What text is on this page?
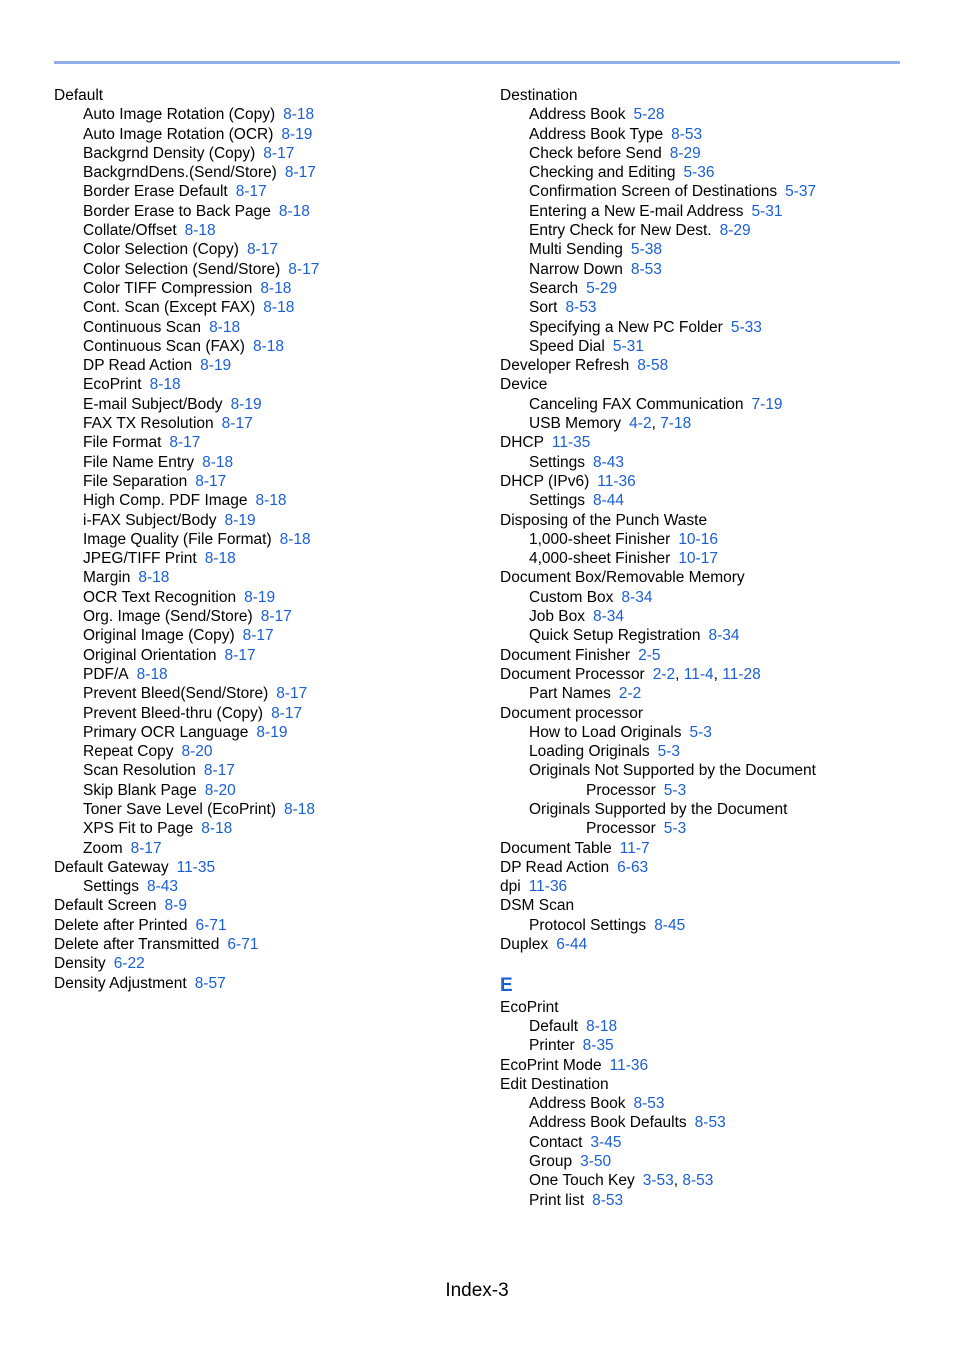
Default
Auto Image Rotation (Copy) 8-18
Auto Image Rotation (OCR) 8-19
Backgrnd Density (Copy) 8-17
BackgrndDens.(Send/Store) 8-17
Border Erase Default 8-17
Border Erase to Back Page 8-18
Collate/Offset 8-18
Color Selection (Copy) 8-17
Color Selection (Send/Store) 8-17
Color TIFF Compression 8-18
Cont. Scan (Except FAX) 8-18
Continuous Scan 8-18
Continuous Scan (FAX) 8-18
DP Read Action 8-19
EcoPrint 8-18
E-mail Subject/Body 8-19
FAX TX Resolution 8-17
File Format 8-17
File Name Entry 8-18
File Separation 8-17
High Comp. PDF Image 8-18
i-FAX Subject/Body 8-19
Image Quality (File Format) 8-18
JPEG/TIFF Print 8-18
Margin 8-18
OCR Text Recognition 8-19
Org. Image (Send/Store) 8-17
Original Image (Copy) 8-17
Original Orientation 8-17
PDF/A 8-18
Prevent Bleed(Send/Store) 8-17
Prevent Bleed-thru (Copy) 8-17
Primary OCR Language 8-19
Repeat Copy 8-20
Scan Resolution 8-17
Skip Blank Page 8-20
Toner Save Level (EcoPrint) 8-18
XPS Fit to Page 8-18
Zoom 8-17
Default Gateway 11-35
Settings 8-43
Default Screen 8-9
Delete after Printed 6-71
Delete after Transmitted 6-71
Density 6-22
Density Adjustment 8-57
Destination
Address Book 5-28
Address Book Type 8-53
Check before Send 8-29
Checking and Editing 5-36
Confirmation Screen of Destinations 5-37
Entering a New E-mail Address 5-31
Entry Check for New Dest. 8-29
Multi Sending 5-38
Narrow Down 8-53
Search 5-29
Sort 8-53
Specifying a New PC Folder 5-33
Speed Dial 5-31
Developer Refresh 8-58
Device
Canceling FAX Communication 7-19
USB Memory 4-2, 7-18
DHCP 11-35
Settings 8-43
DHCP (IPv6) 11-36
Settings 8-44
Disposing of the Punch Waste
1,000-sheet Finisher 10-16
4,000-sheet Finisher 10-17
Document Box/Removable Memory
Custom Box 8-34
Job Box 8-34
Quick Setup Registration 8-34
Document Finisher 2-5
Document Processor 2-2, 11-4, 11-28
Part Names 2-2
Document processor
How to Load Originals 5-3
Loading Originals 5-3
Originals Not Supported by the Document
Processor 5-3
Originals Supported by the Document
Processor 5-3
Document Table 11-7
DP Read Action 6-63
dpi 11-36
DSM Scan
Protocol Settings 8-45
Duplex 6-44
E
EcoPrint
Default 8-18
Printer 8-35
EcoPrint Mode 11-36
Edit Destination
Address Book 8-53
Address Book Defaults 8-53
Contact 3-45
Group 3-50
One Touch Key 3-53, 8-53
Print list 8-53
Index-3
